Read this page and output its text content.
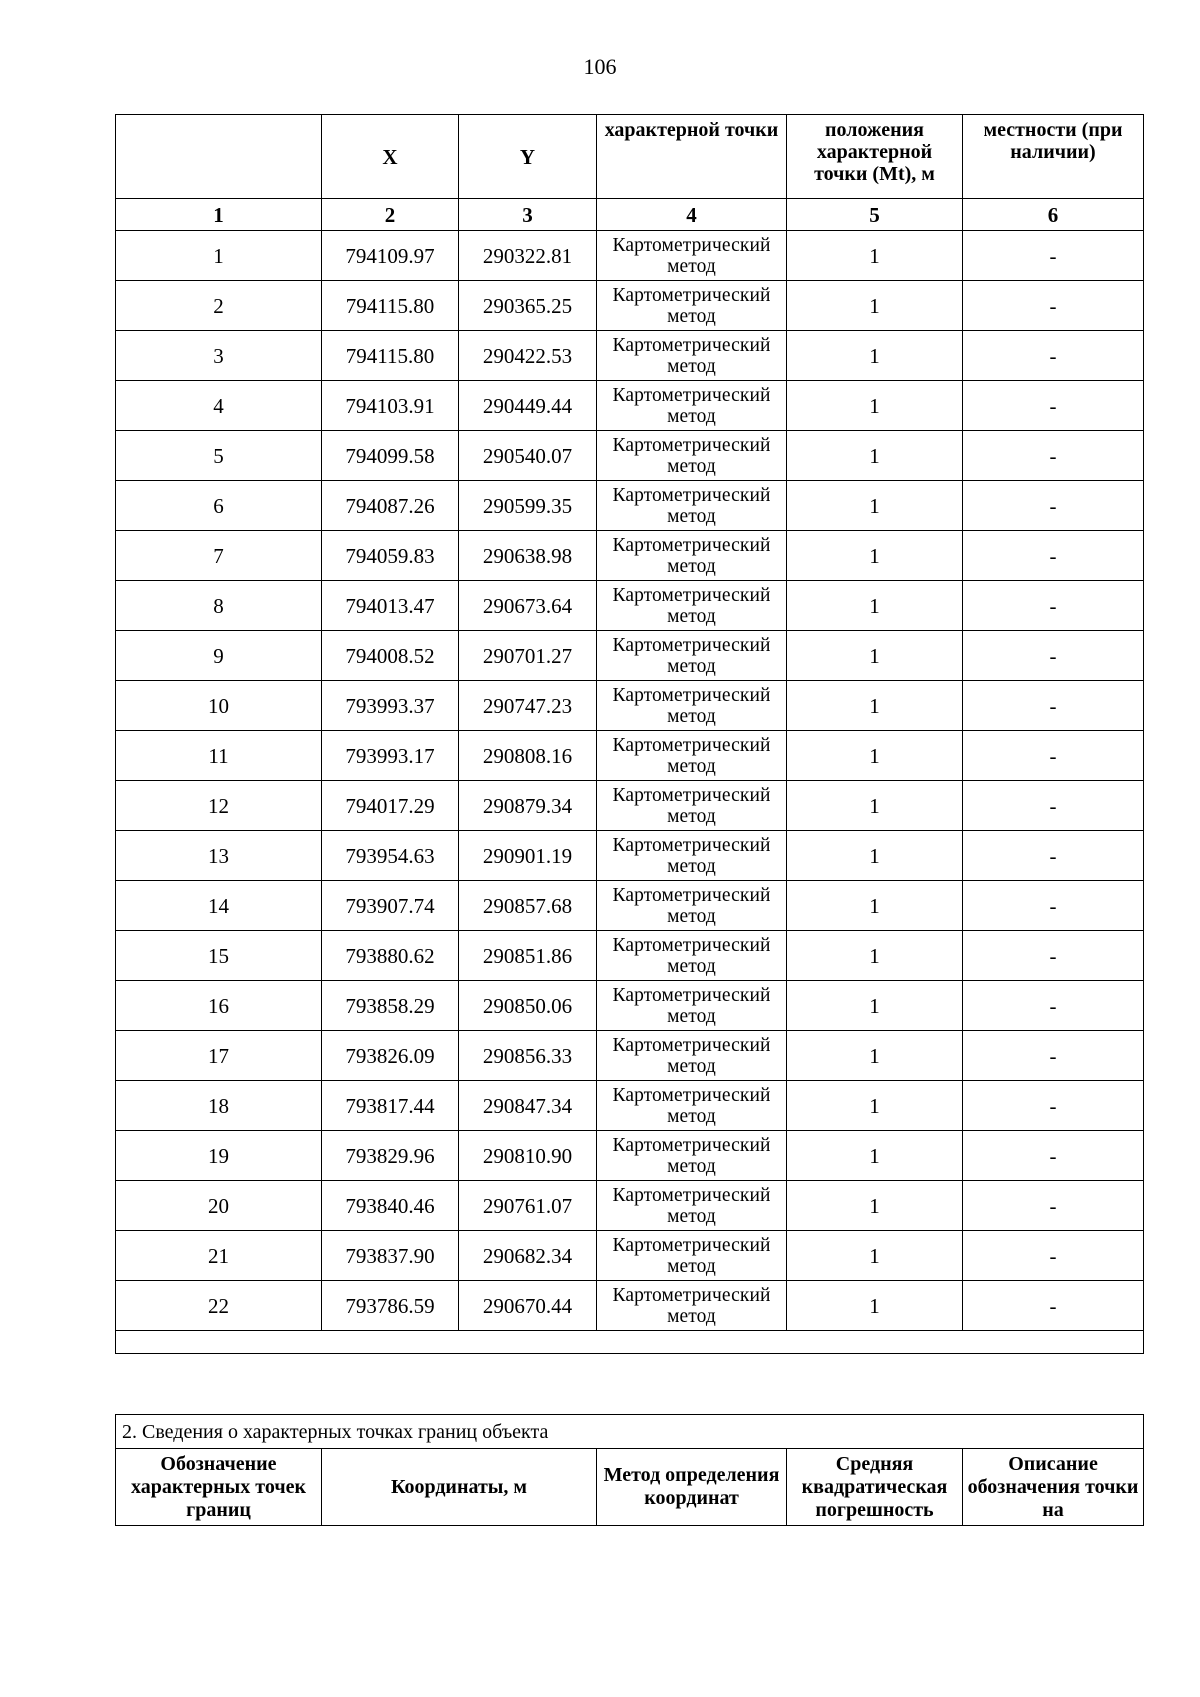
106
	X	Y	характерной точки	положения характерной точки (Mt), м	местности (при наличии)
1	2	3	4	5	6
1	794109.97	290322.81	Картометрический метод	1	-
2	794115.80	290365.25	Картометрический метод	1	-
3	794115.80	290422.53	Картометрический метод	1	-
4	794103.91	290449.44	Картометрический метод	1	-
5	794099.58	290540.07	Картометрический метод	1	-
6	794087.26	290599.35	Картометрический метод	1	-
7	794059.83	290638.98	Картометрический метод	1	-
8	794013.47	290673.64	Картометрический метод	1	-
9	794008.52	290701.27	Картометрический метод	1	-
10	793993.37	290747.23	Картометрический метод	1	-
11	793993.17	290808.16	Картометрический метод	1	-
12	794017.29	290879.34	Картометрический метод	1	-
13	793954.63	290901.19	Картометрический метод	1	-
14	793907.74	290857.68	Картометрический метод	1	-
15	793880.62	290851.86	Картометрический метод	1	-
16	793858.29	290850.06	Картометрический метод	1	-
17	793826.09	290856.33	Картометрический метод	1	-
18	793817.44	290847.34	Картометрический метод	1	-
19	793829.96	290810.90	Картометрический метод	1	-
20	793840.46	290761.07	Картометрический метод	1	-
21	793837.90	290682.34	Картометрический метод	1	-
22	793786.59	290670.44	Картометрический метод	1	-

2. Сведения о характерных точках границ объекта
Обозначение характерных точек границ	Координаты, м	Метод определения координат	Средняя квадратическая погрешность	Описание обозначения точки на
